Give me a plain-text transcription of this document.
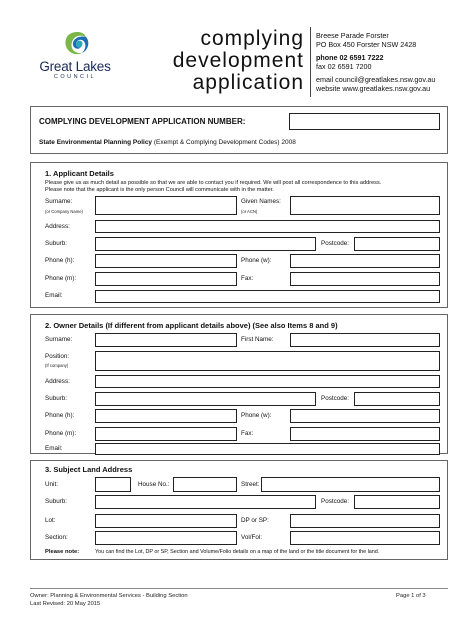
Great Lakes
COUNCIL
complying
development
application
Breese Parade Forster
PO Box 450 Forster NSW 2428
phone 02 6591 7222
fax 02 6591 7200
email council@greatlakes.nsw.gov.au
website www.greatlakes.nsw.gov.au
COMPLYING DEVELOPMENT APPLICATION NUMBER:
State Environmental Planning Policy (Exempt & Complying Development Codes) 2008
1. Applicant Details
Please give us as much detail as possible so that we are able to contact you if required. We will post all correspondence to this address.
Please note that the applicant is the only person Council will communicate with in the matter.
Surname:
(or Company Name)
Given Names:
(or ACN)
Address:
Suburb:	Postcode:
Phone (h):	Phone (w):
Phone (m):	Fax:
Email:
2. Owner Details (If different from applicant details above) (See also Items 8 and 9)
Surname:	First Name:
Position:
(If company)
Address:
Suburb:	Postcode:
Phone (h):	Phone (w):
Phone (m):	Fax:
Email:
3. Subject Land Address
Unit:	House No.:	Street:
Suburb:	Postcode:
Lot:	DP or SP:
Section:	Vol/Fol:
Please note:	You can find the Lot, DP or SP, Section and Volume/Folio details on a map of the land or the title document for the land.
Owner: Planning & Environmental Services - Building Section
Last Revised: 20 May 2015
Page 1 of 3
